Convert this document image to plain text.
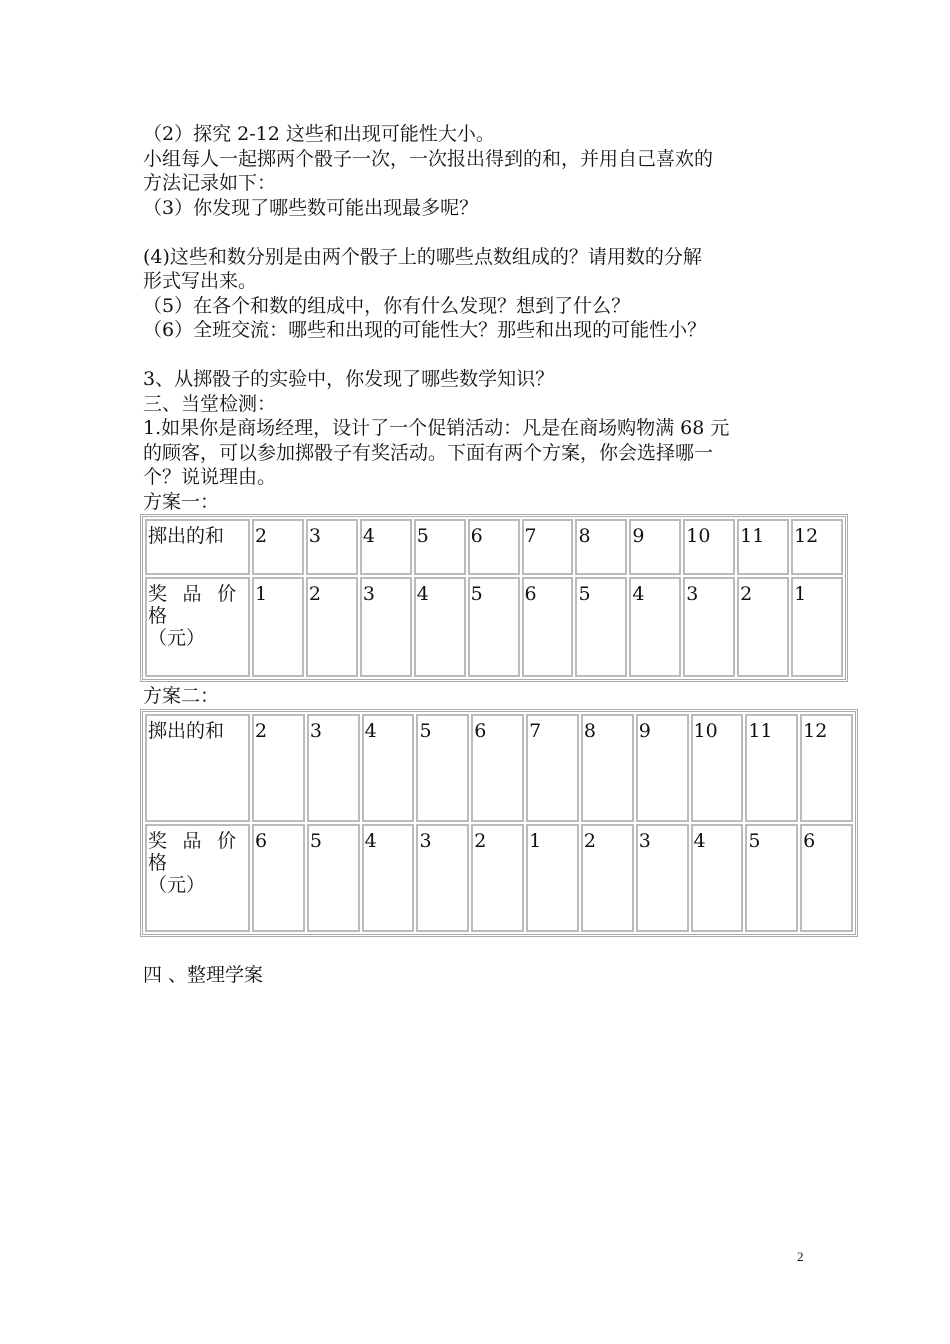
（2）探究 2-12 这些和出现可能性大小。

小组每人一起掷两个骰子一次，一次报出得到的和，并用自己喜欢的

方法记录如下：

（3）你发现了哪些数可能出现最多呢？

(4)这些和数分别是由两个骰子上的哪些点数组成的？请用数的分解

形式写出来。

（5）在各个和数的组成中，你有什么发现？想到了什么？

（6）全班交流：哪些和出现的可能性大？那些和出现的可能性小？

3、从掷骰子的实验中，你发现了哪些数学知识？

三、当堂检测：

1.如果你是商场经理，设计了一个促销活动：凡是在商场购物满 68 元

的顾客，可以参加掷骰子有奖活动。下面有两个方案，你会选择哪一

个？说说理由。

方案一：

掷出的和	2	3	4	5	6	7	8	9	10	11	12
奖 品 价 格
（元）	1	2	3	4	5	6	5	4	3	2	1

方案二：

掷出的和	2	3	4	5	6	7	8	9	10	11	12
奖 品 价 格
（元）	6	5	4	3	2	1	2	3	4	5	6

四 、整理学案

2
